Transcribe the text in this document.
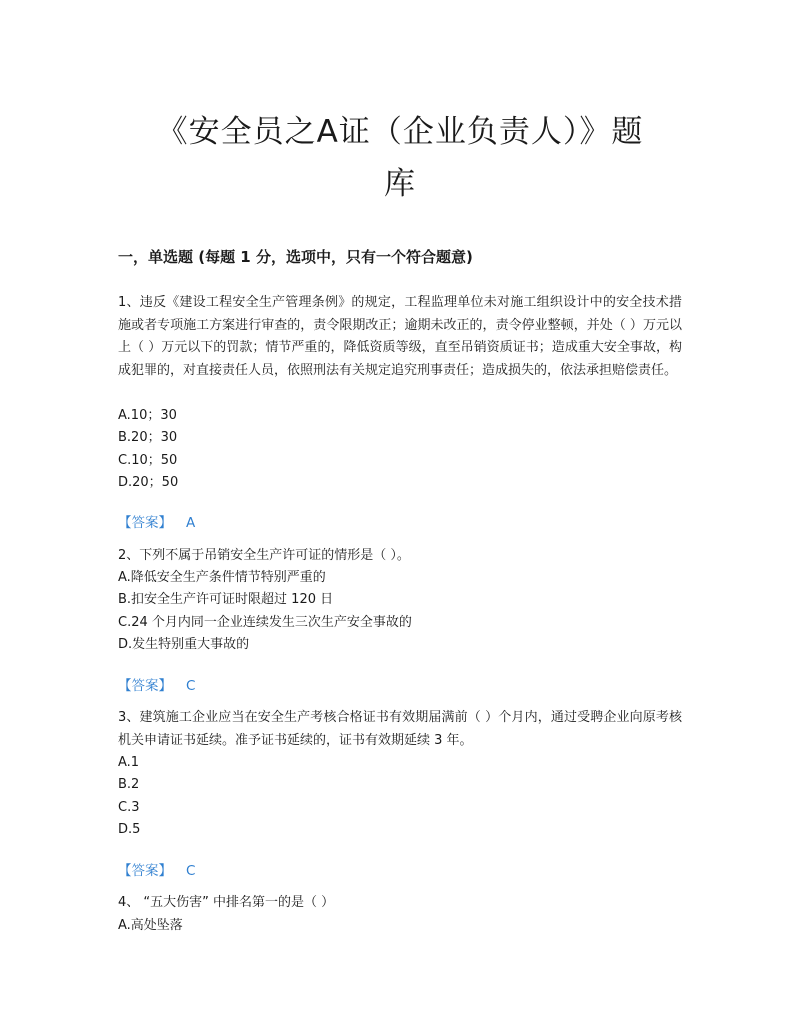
《安全员之A证（企业负责人）》题
库

一，单选题 (每题 1 分，选项中，只有一个符合题意)

1、违反《建设工程安全生产管理条例》的规定，工程监理单位未对施工组织设计中的安全技术措施或者专项施工方案进行审查的，责令限期改正；逾期未改正的，责令停业整顿，并处（ ）万元以上（ ）万元以下的罚款；情节严重的，降低资质等级，直至吊销资质证书；造成重大安全事故，构成犯罪的，对直接责任人员，依照刑法有关规定追究刑事责任；造成损失的，依法承担赔偿责任。

A.10；30

B.20；30

C.10；50

D.20；50

【答案】 A

2、下列不属于吊销安全生产许可证的情形是（ ）。

A.降低安全生产条件情节特别严重的

B.扣安全生产许可证时限超过 120 日

C.24 个月内同一企业连续发生三次生产安全事故的

D.发生特别重大事故的

【答案】 C

3、建筑施工企业应当在安全生产考核合格证书有效期届满前（ ）个月内，通过受聘企业向原考核机关申请证书延续。准予证书延续的，证书有效期延续 3 年。

A.1

B.2

C.3

D.5

【答案】 C

4、 “五大伤害” 中排名第一的是（ ）

A.高处坠落
